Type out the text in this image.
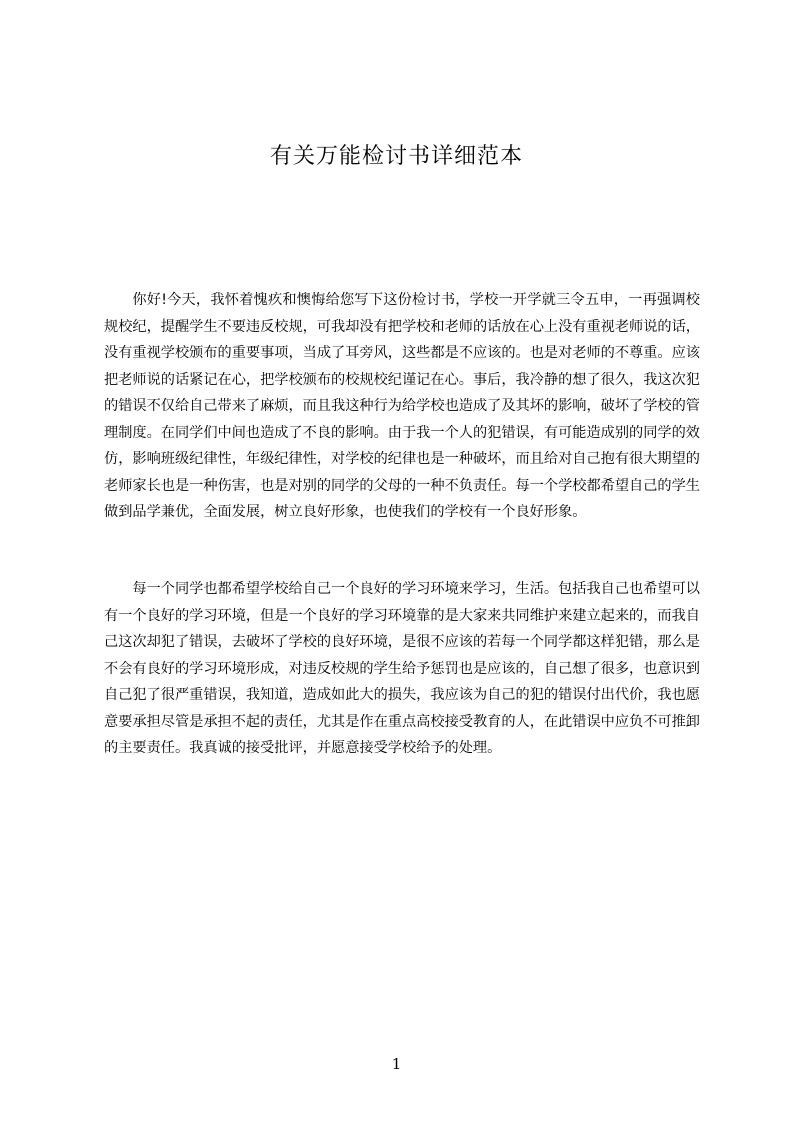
有关万能检讨书详细范本

你好!今天，我怀着愧疚和懊悔给您写下这份检讨书，学校一开学就三令五申，一再强调校规校纪，提醒学生不要违反校规，可我却没有把学校和老师的话放在心上没有重视老师说的话，没有重视学校颁布的重要事项，当成了耳旁风，这些都是不应该的。也是对老师的不尊重。应该把老师说的话紧记在心，把学校颁布的校规校纪谨记在心。事后，我冷静的想了很久，我这次犯的错误不仅给自己带来了麻烦，而且我这种行为给学校也造成了及其坏的影响，破坏了学校的管理制度。在同学们中间也造成了不良的影响。由于我一个人的犯错误，有可能造成别的同学的效仿，影响班级纪律性，年级纪律性，对学校的纪律也是一种破坏，而且给对自己抱有很大期望的老师家长也是一种伤害，也是对别的同学的父母的一种不负责任。每一个学校都希望自己的学生做到品学兼优，全面发展，树立良好形象，也使我们的学校有一个良好形象。

每一个同学也都希望学校给自己一个良好的学习环境来学习，生活。包括我自己也希望可以有一个良好的学习环境，但是一个良好的学习环境靠的是大家来共同维护来建立起来的，而我自己这次却犯了错误，去破坏了学校的良好环境，是很不应该的若每一个同学都这样犯错，那么是不会有良好的学习环境形成，对违反校规的学生给予惩罚也是应该的，自己想了很多，也意识到自己犯了很严重错误，我知道，造成如此大的损失，我应该为自己的犯的错误付出代价，我也愿意要承担尽管是承担不起的责任，尤其是作在重点高校接受教育的人，在此错误中应负不可推卸的主要责任。我真诚的接受批评，并愿意接受学校给予的处理。

1
